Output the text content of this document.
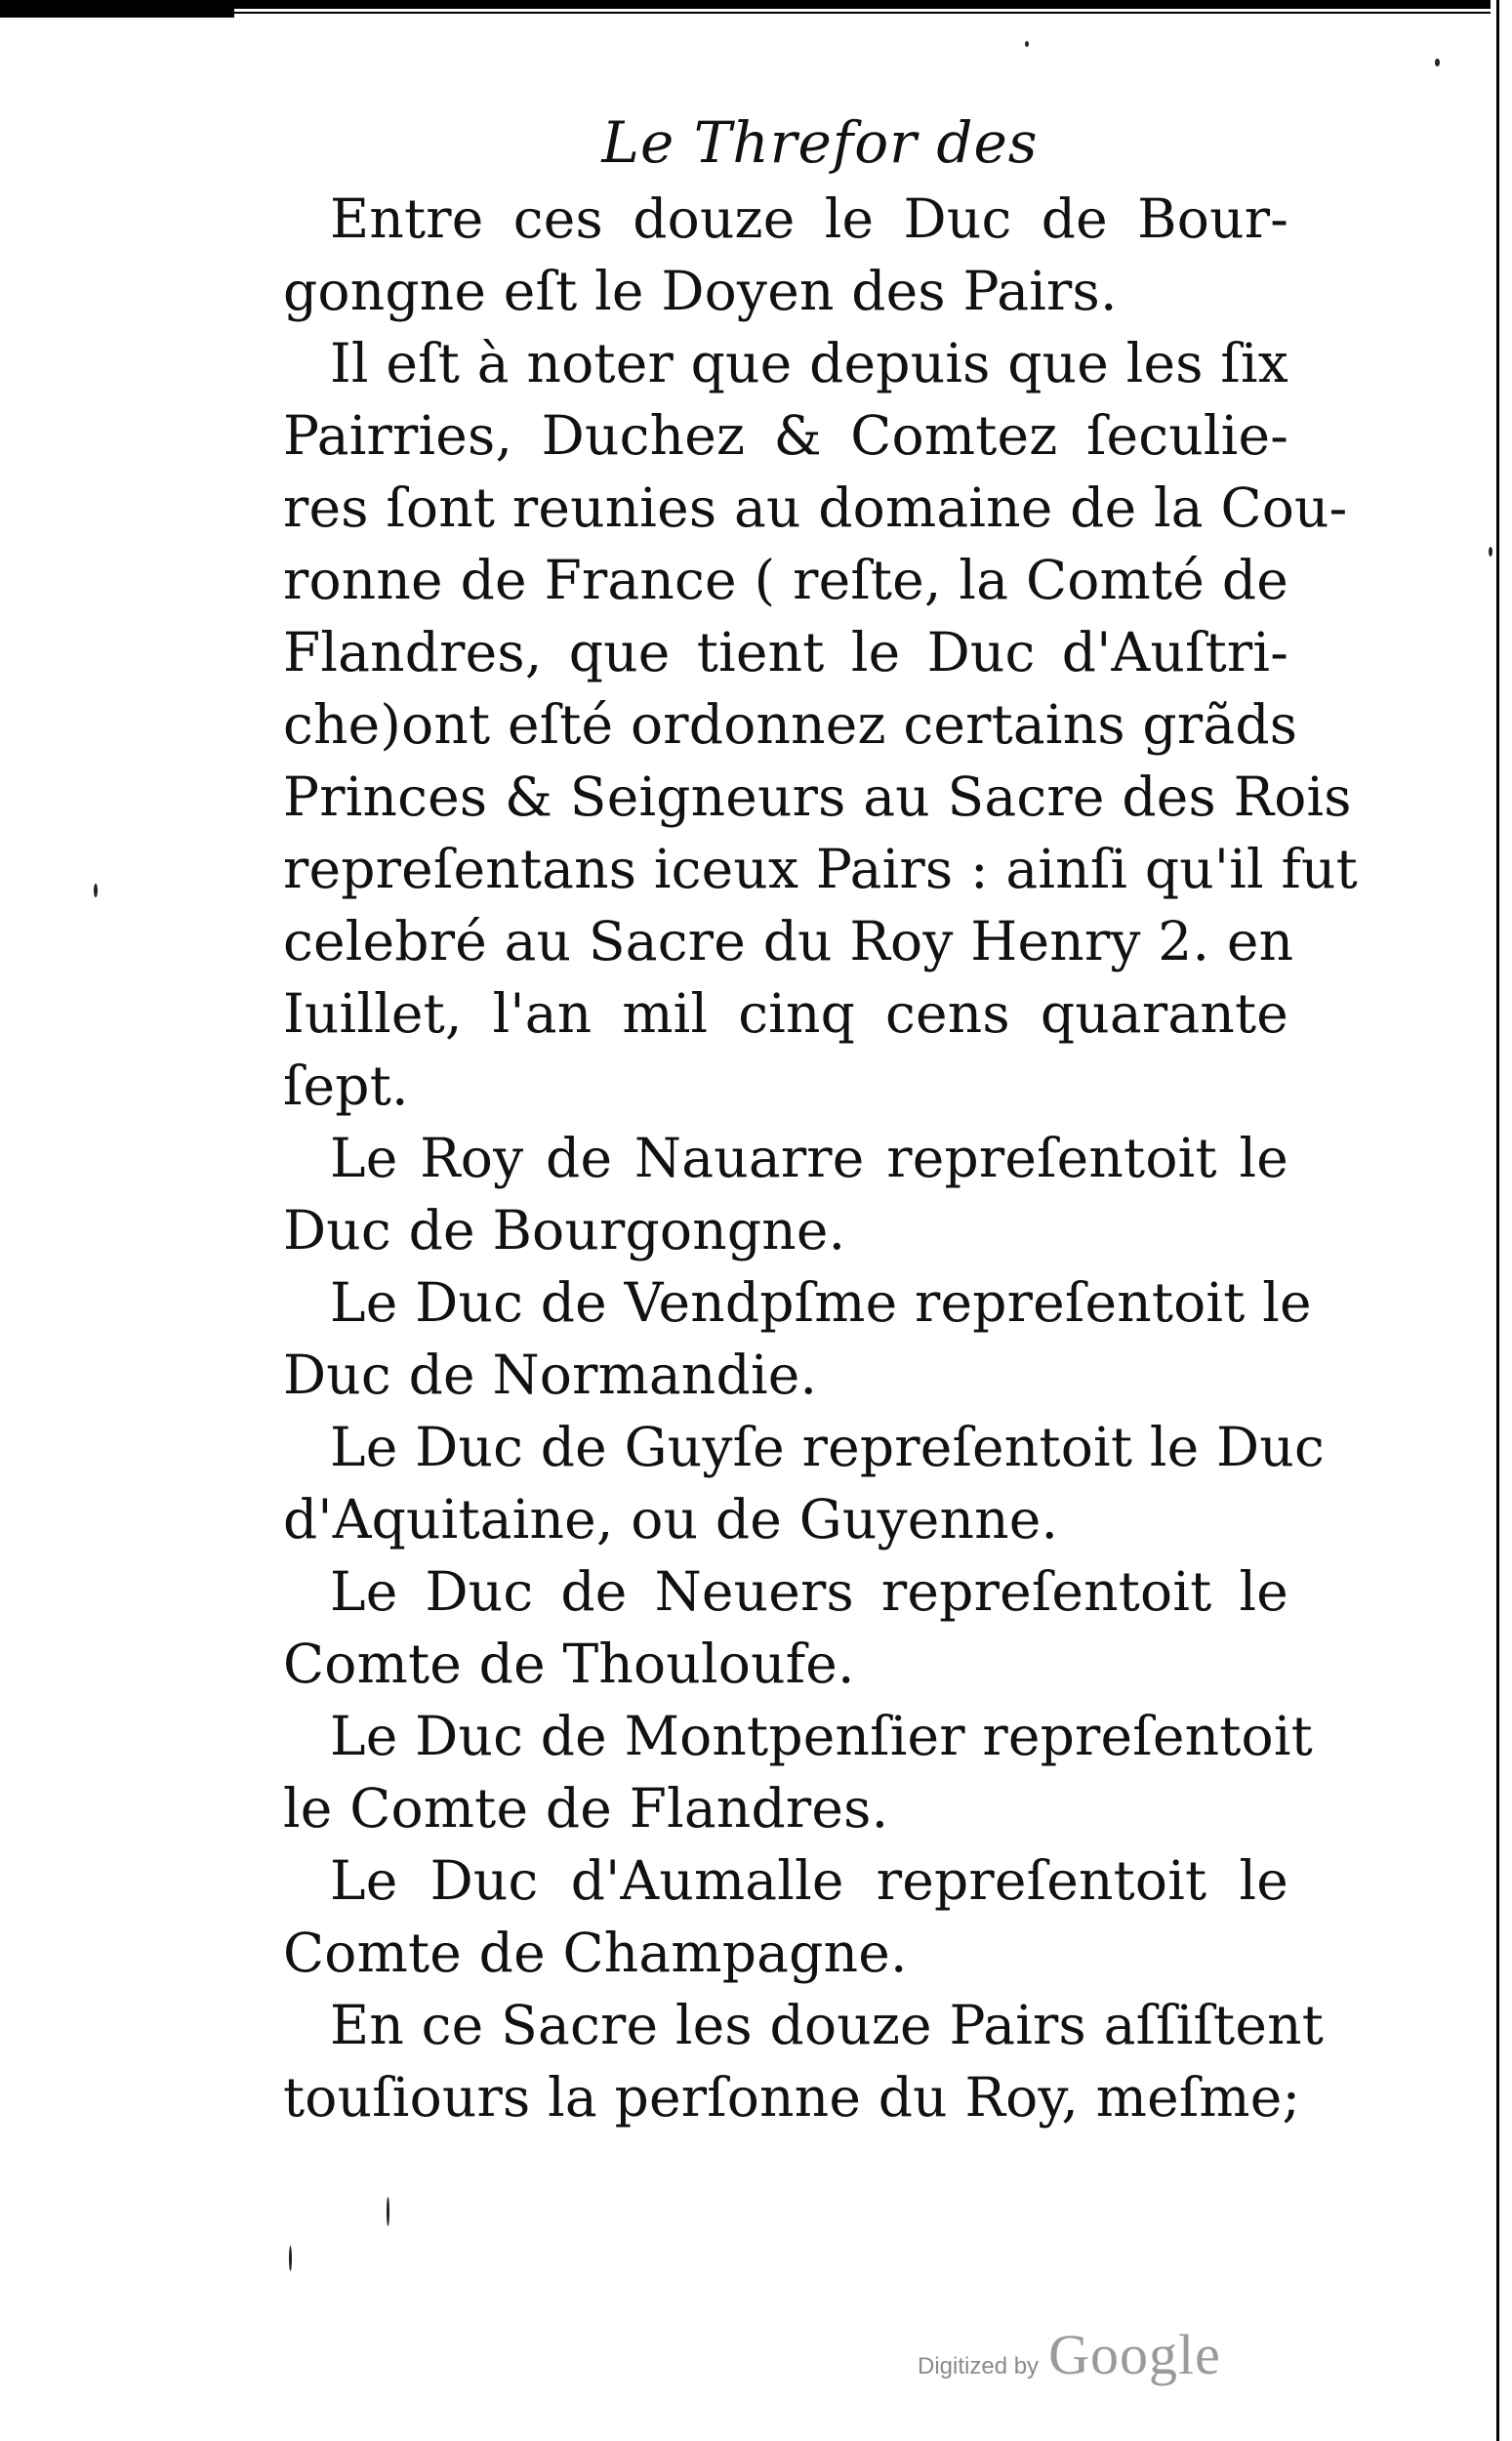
Le Threfor des
Entre ces douze le Duc de Bour-
gongne eſt le Doyen des Pairs.
Il eſt à noter que depuis que les ſix
Pairries, Duchez & Comtez ſeculie-
res ſont reunies au domaine de la Cou-
ronne de France ( reſte, la Comté de
Flandres, que tient le Duc d'Auſtri-
che)ont eſté ordonnez certains grãds
Princes & Seigneurs au Sacre des Rois
repreſentans iceux Pairs : ainſi qu'il fut
celebré au Sacre du Roy Henry 2. en
Iuillet, l'an mil cinq cens quarante
ſept.
Le Roy de Nauarre repreſentoit le
Duc de Bourgongne.
Le Duc de Vendpſme repreſentoit le
Duc de Normandie.
Le Duc de Guyſe repreſentoit le Duc
d'Aquitaine, ou de Guyenne.
Le Duc de Neuers repreſentoit le
Comte de Thouloufe.
Le Duc de Montpenſier repreſentoit
le Comte de Flandres.
Le Duc d'Aumalle repreſentoit le
Comte de Champagne.
En ce Sacre les douze Pairs aſſiſtent
touſiours la perſonne du Roy, meſme;
Digitized by Google
